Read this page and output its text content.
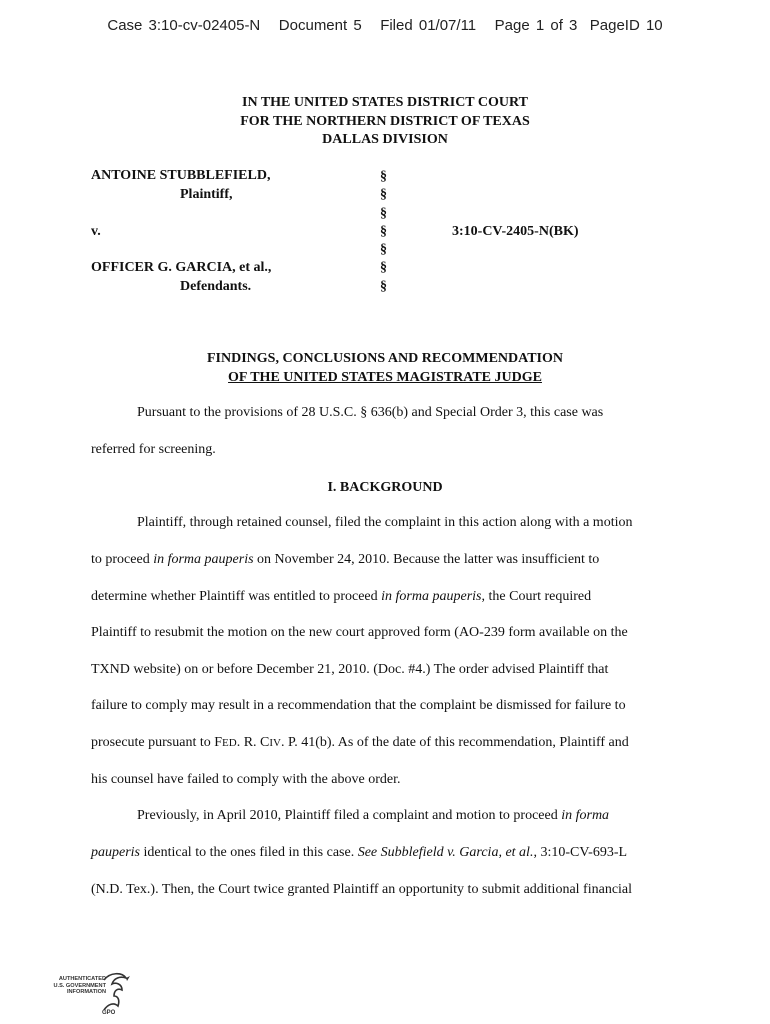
Case 3:10-cv-02405-N Document 5 Filed 01/07/11 Page 1 of 3 PageID 10
IN THE UNITED STATES DISTRICT COURT
FOR THE NORTHERN DISTRICT OF TEXAS
DALLAS DIVISION
ANTOINE STUBBLEFIELD,
Plaintiff,
v.
OFFICER G. GARCIA, et al.,
Defendants.
§
§
§
§
§
§
§
3:10-CV-2405-N(BK)
FINDINGS, CONCLUSIONS AND RECOMMENDATION
OF THE UNITED STATES MAGISTRATE JUDGE
Pursuant to the provisions of 28 U.S.C. § 636(b) and Special Order 3, this case was
referred for screening.
I. BACKGROUND
Plaintiff, through retained counsel, filed the complaint in this action along with a motion
to proceed in forma pauperis on November 24, 2010. Because the latter was insufficient to
determine whether Plaintiff was entitled to proceed in forma pauperis, the Court required
Plaintiff to resubmit the motion on the new court approved form (AO-239 form available on the
TXND website) on or before December 21, 2010. (Doc. #4.) The order advised Plaintiff that
failure to comply may result in a recommendation that the complaint be dismissed for failure to
prosecute pursuant to FED. R. CIV. P. 41(b). As of the date of this recommendation, Plaintiff and
his counsel have failed to comply with the above order.
Previously, in April 2010, Plaintiff filed a complaint and motion to proceed in forma
pauperis identical to the ones filed in this case. See Subblefield v. Garcia, et al., 3:10-CV-693-L
(N.D. Tex.). Then, the Court twice granted Plaintiff an opportunity to submit additional financial
AUTHENTICATED
U.S. GOVERNMENT
INFORMATION
GPO
